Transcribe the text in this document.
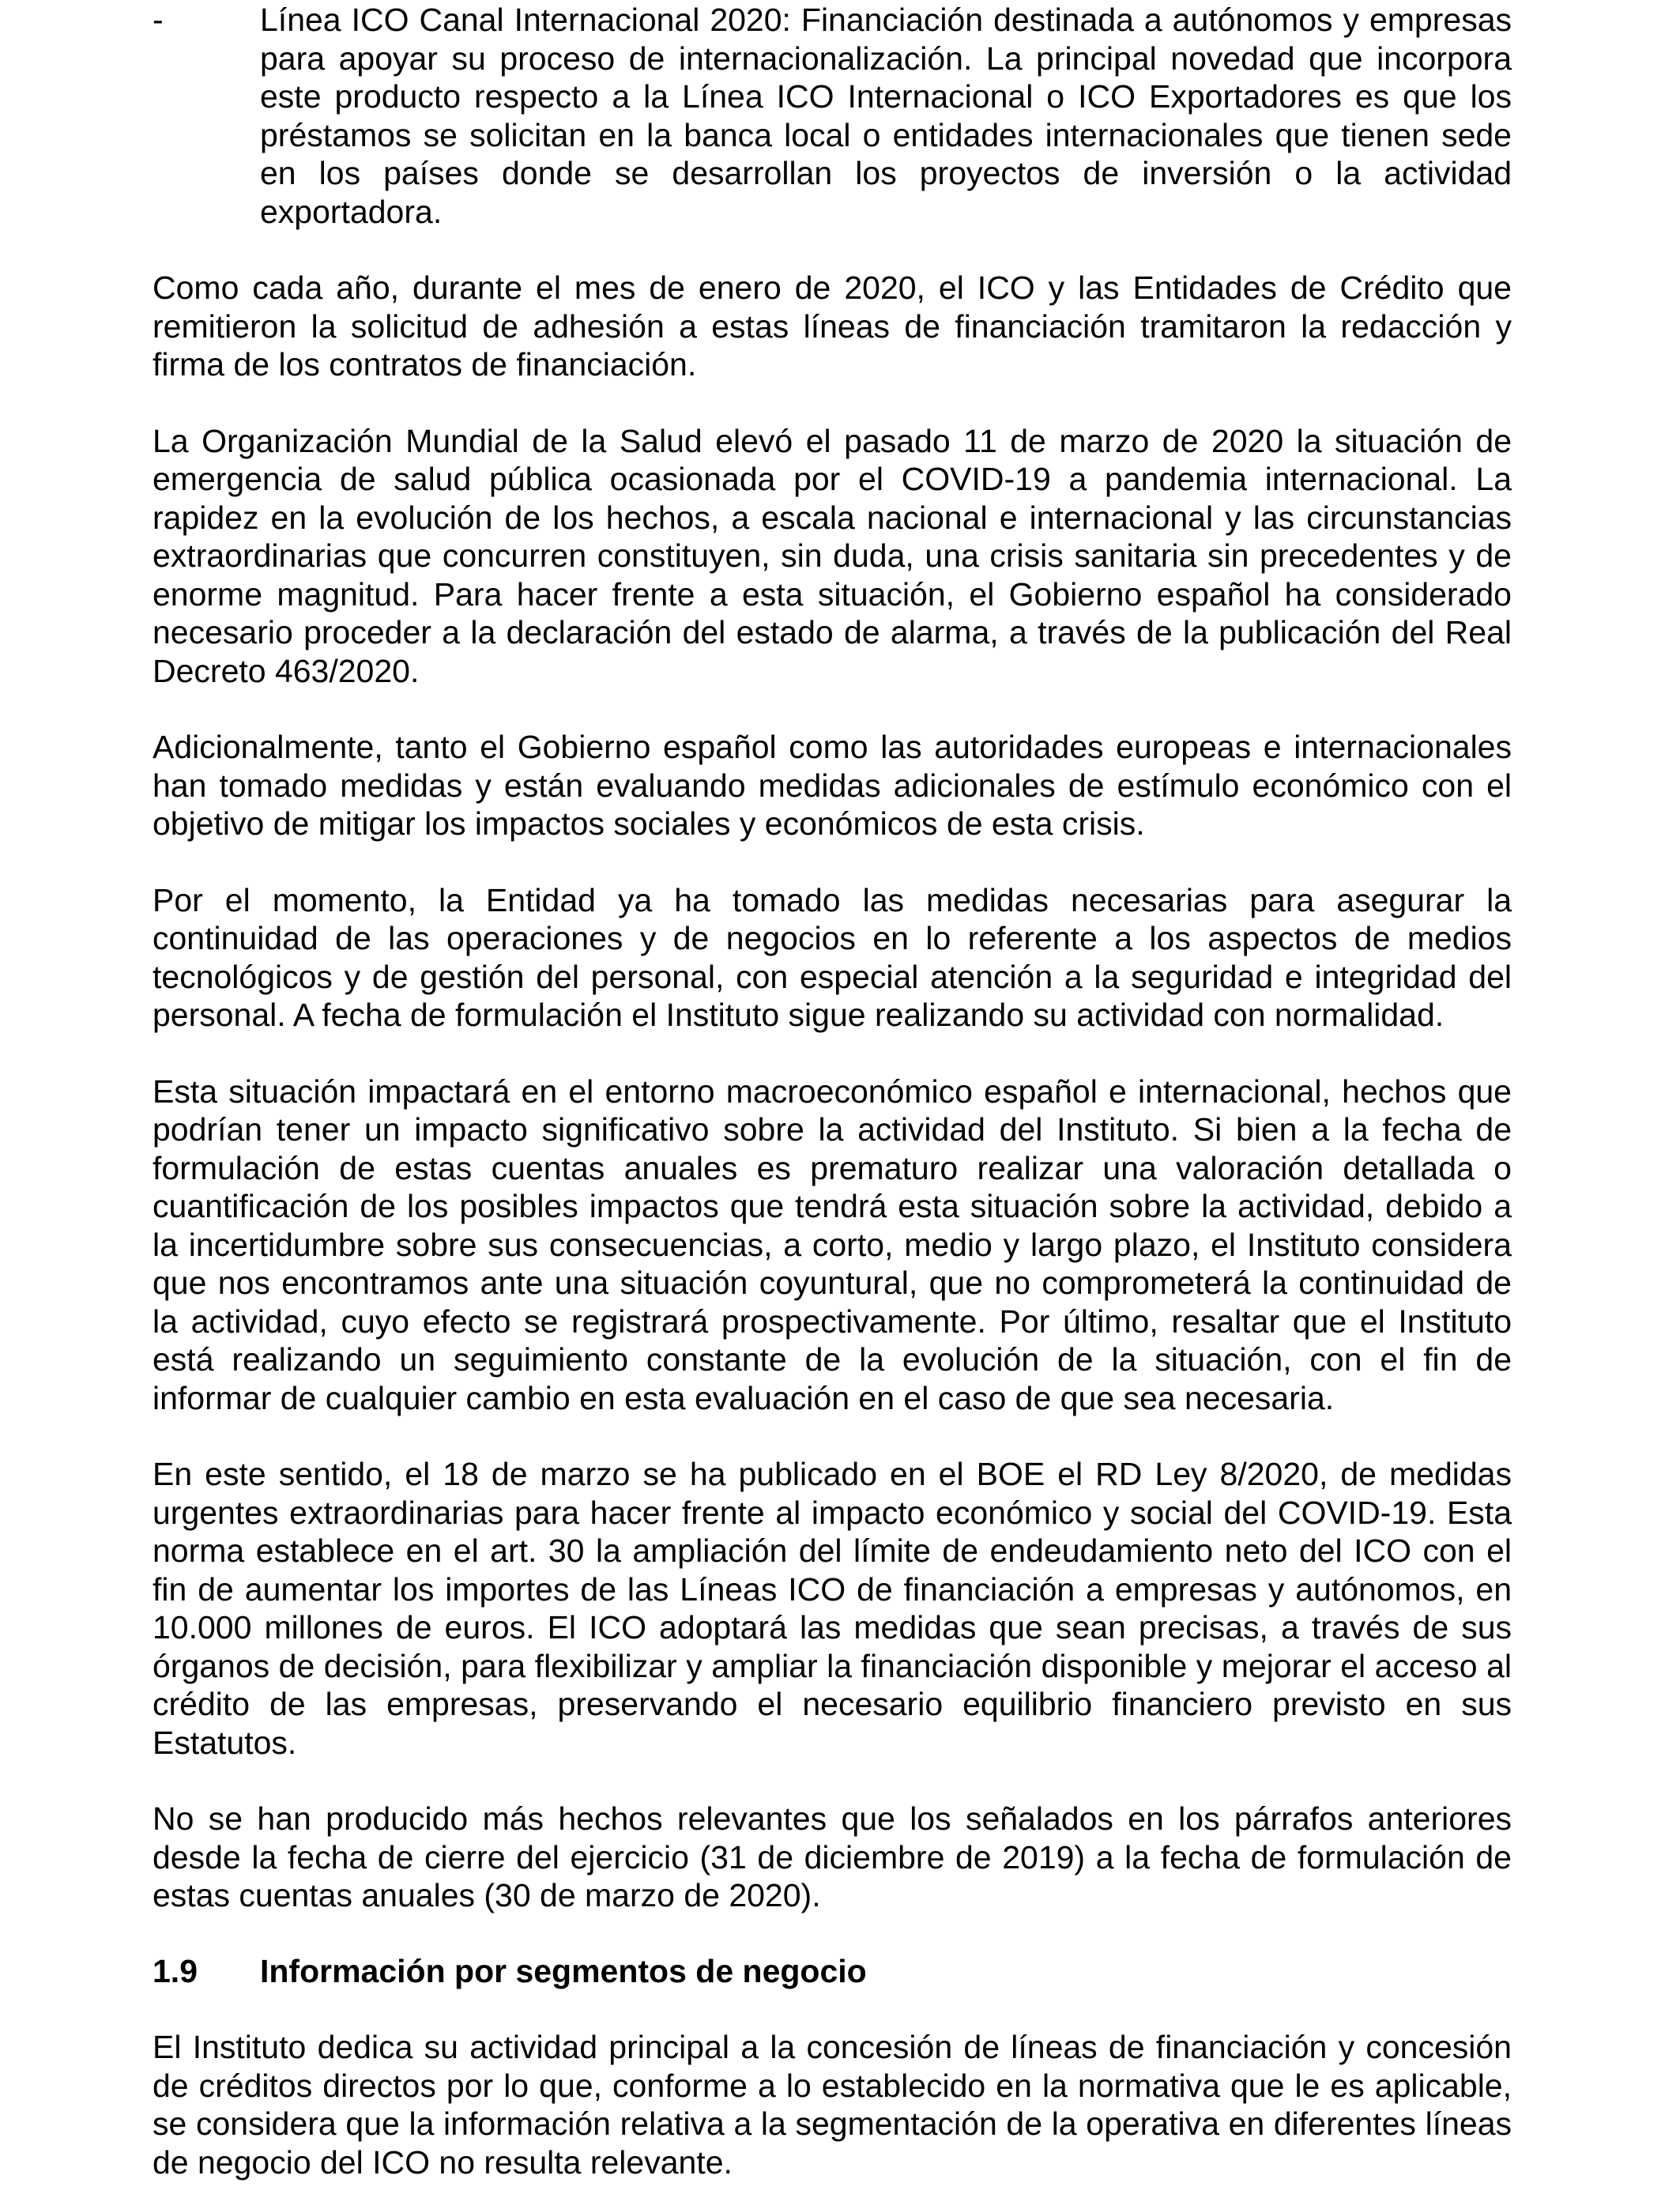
-	Línea ICO Canal Internacional 2020: Financiación destinada a autónomos y empresas para apoyar su proceso de internacionalización. La principal novedad que incorpora este producto respecto a la Línea ICO Internacional o ICO Exportadores es que los préstamos se solicitan en la banca local o entidades internacionales que tienen sede en los países donde se desarrollan los proyectos de inversión o la actividad exportadora.

Como cada año, durante el mes de enero de 2020, el ICO y las Entidades de Crédito que remitieron la solicitud de adhesión a estas líneas de financiación tramitaron la redacción y firma de los contratos de financiación.

La Organización Mundial de la Salud elevó el pasado 11 de marzo de 2020 la situación de emergencia de salud pública ocasionada por el COVID-19 a pandemia internacional. La rapidez en la evolución de los hechos, a escala nacional e internacional y las circunstancias extraordinarias que concurren constituyen, sin duda, una crisis sanitaria sin precedentes y de enorme magnitud. Para hacer frente a esta situación, el Gobierno español ha considerado necesario proceder a la declaración del estado de alarma, a través de la publicación del Real Decreto 463/2020.

Adicionalmente, tanto el Gobierno español como las autoridades europeas e internacionales han tomado medidas y están evaluando medidas adicionales de estímulo económico con el objetivo de mitigar los impactos sociales y económicos de esta crisis.

Por el momento, la Entidad ya ha tomado las medidas necesarias para asegurar la continuidad de las operaciones y de negocios en lo referente a los aspectos de medios tecnológicos y de gestión del personal, con especial atención a la seguridad e integridad del personal. A fecha de formulación el Instituto sigue realizando su actividad con normalidad.

Esta situación impactará en el entorno macroeconómico español e internacional, hechos que podrían tener un impacto significativo sobre la actividad del Instituto. Si bien a la fecha de formulación de estas cuentas anuales es prematuro realizar una valoración detallada o cuantificación de los posibles impactos que tendrá esta situación sobre la actividad, debido a la incertidumbre sobre sus consecuencias, a corto, medio y largo plazo, el Instituto considera que nos encontramos ante una situación coyuntural, que no comprometerá la continuidad de la actividad, cuyo efecto se registrará prospectivamente. Por último, resaltar que el Instituto está realizando un seguimiento constante de la evolución de la situación, con el fin de informar de cualquier cambio en esta evaluación en el caso de que sea necesaria.

En este sentido, el 18 de marzo se ha publicado en el BOE el RD Ley 8/2020, de medidas urgentes extraordinarias para hacer frente al impacto económico y social del COVID-19. Esta norma establece en el art. 30 la ampliación del límite de endeudamiento neto del ICO con el fin de aumentar los importes de las Líneas ICO de financiación a empresas y autónomos, en 10.000 millones de euros. El ICO adoptará las medidas que sean precisas, a través de sus órganos de decisión, para flexibilizar y ampliar la financiación disponible y mejorar el acceso al crédito de las empresas, preservando el necesario equilibrio financiero previsto en sus Estatutos.

No se han producido más hechos relevantes que los señalados en los párrafos anteriores desde la fecha de cierre del ejercicio (31 de diciembre de 2019) a la fecha de formulación de estas cuentas anuales (30 de marzo de 2020).

1.9	Información por segmentos de negocio

El Instituto dedica su actividad principal a la concesión de líneas de financiación y concesión de créditos directos por lo que, conforme a lo establecido en la normativa que le es aplicable, se considera que la información relativa a la segmentación de la operativa en diferentes líneas de negocio del ICO no resulta relevante.
